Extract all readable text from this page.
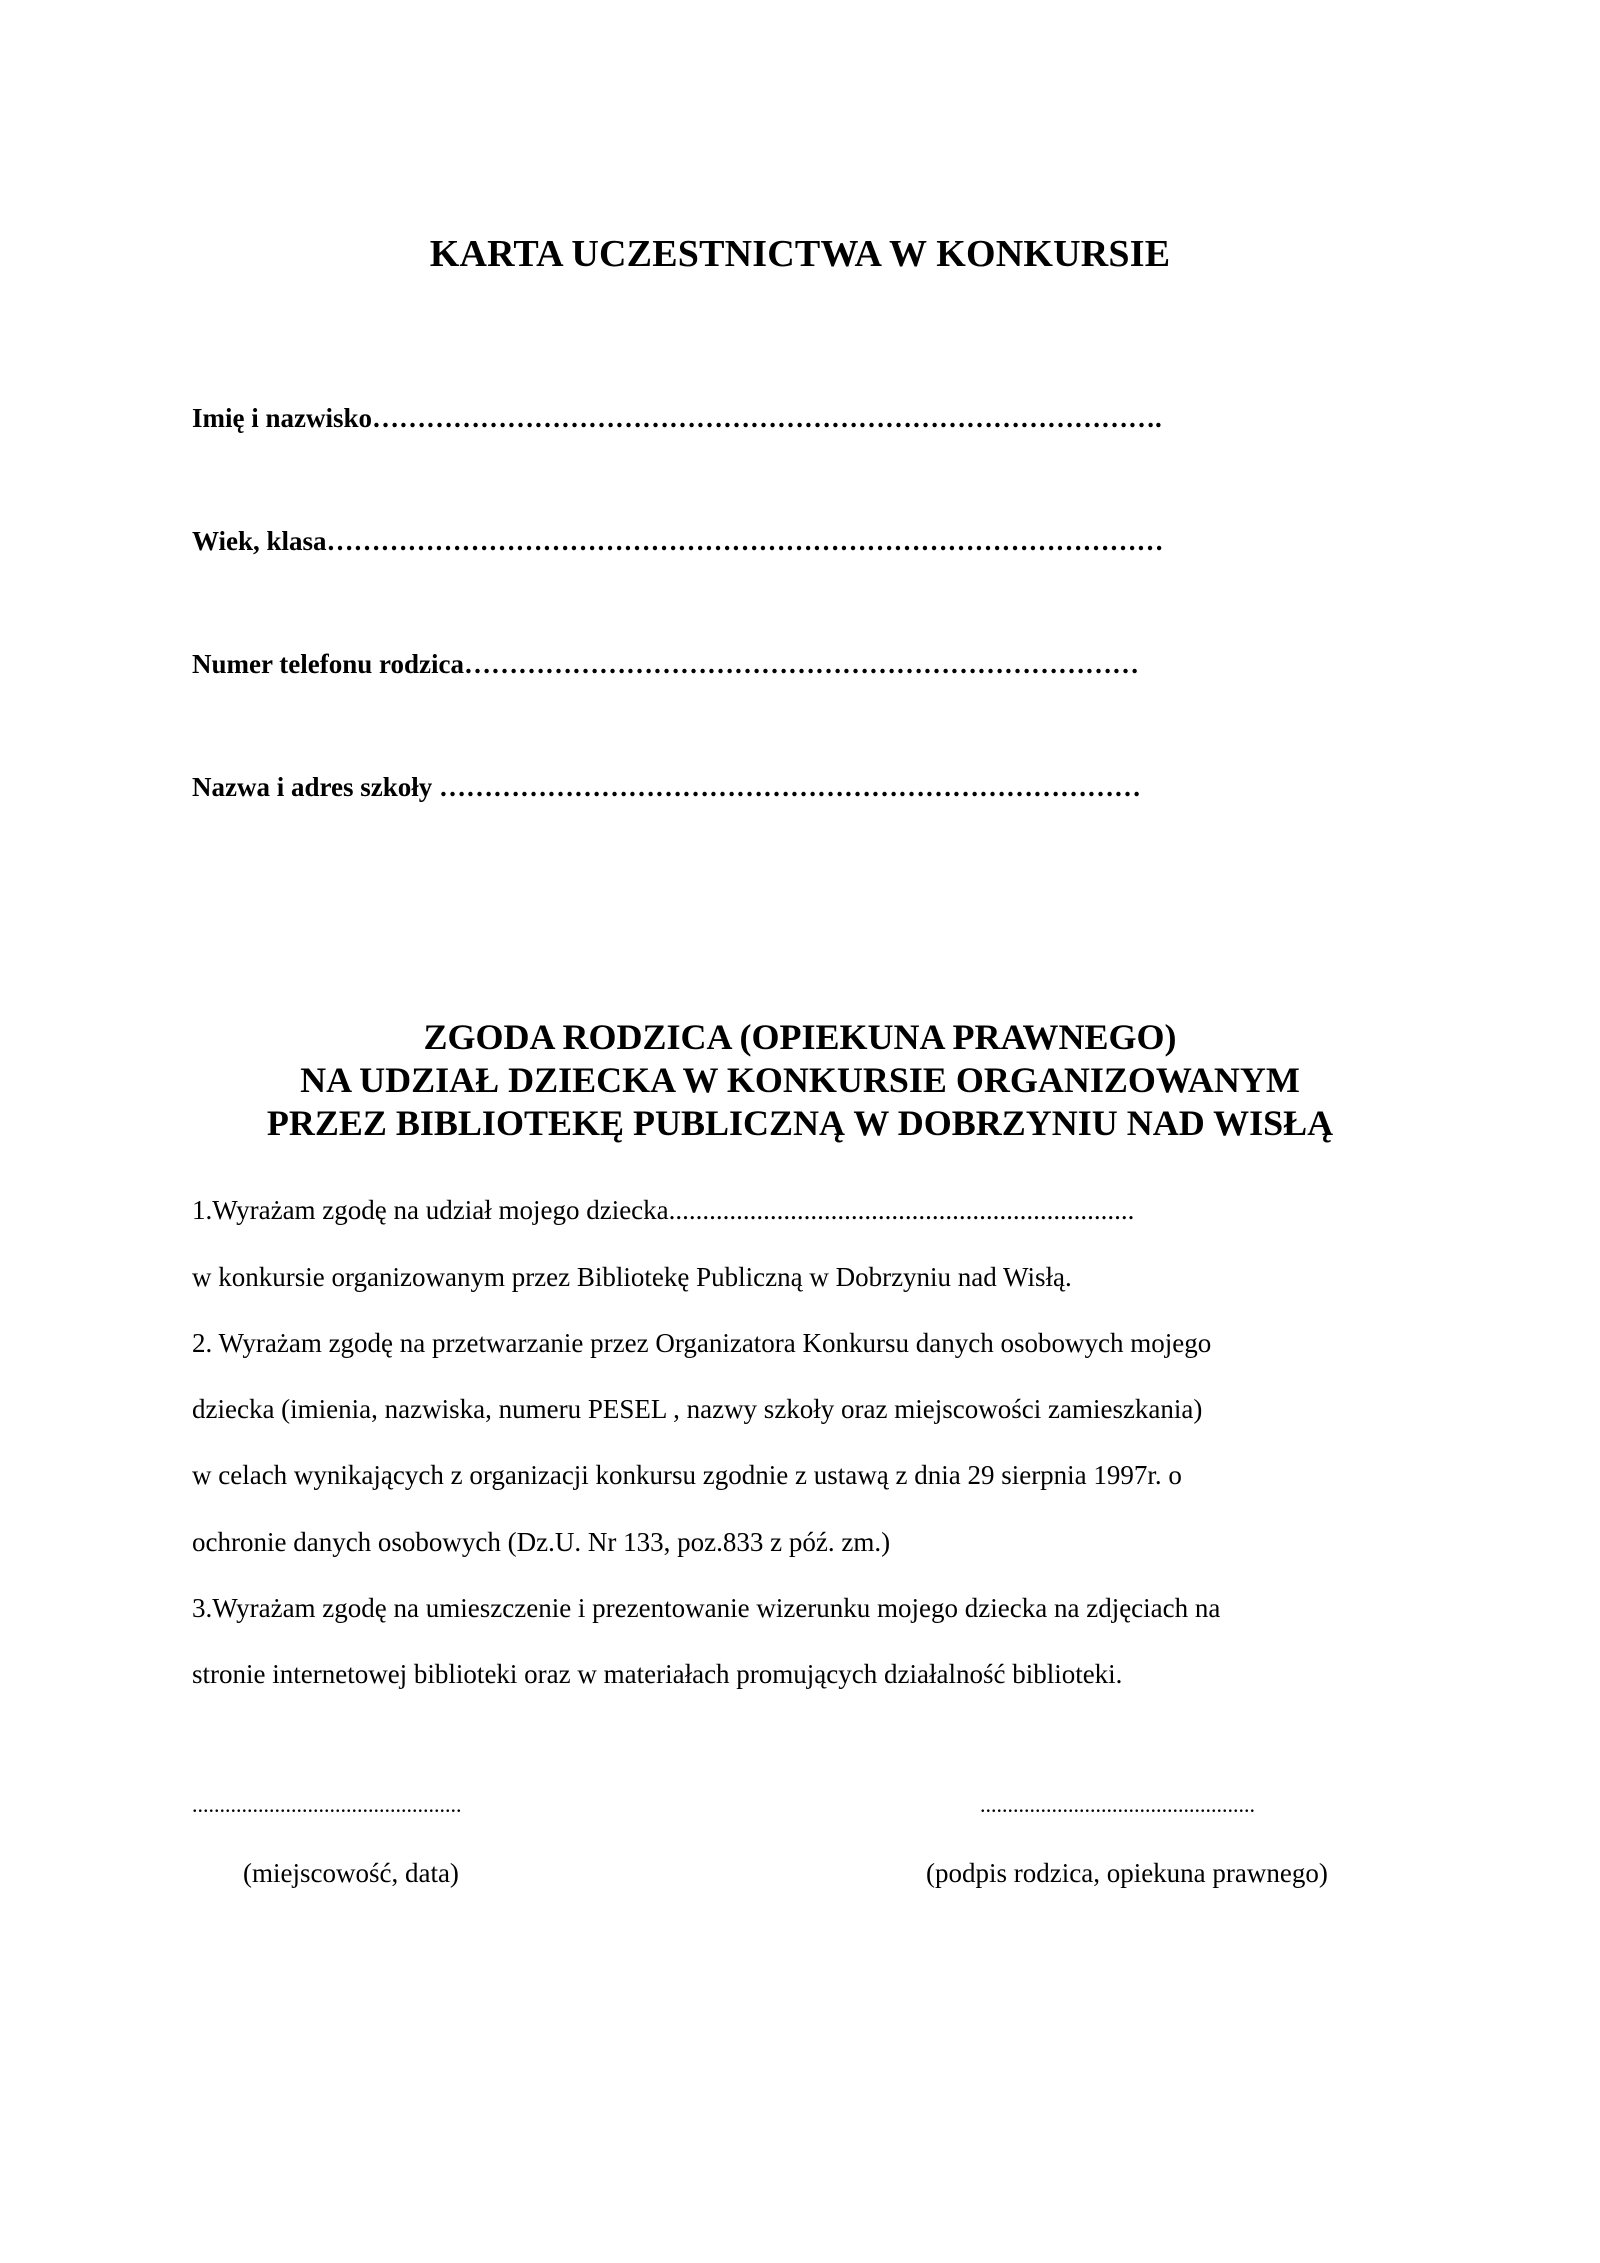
KARTA UCZESTNICTWA W KONKURSIE
Imię i nazwisko…………………………………………………………………………….
Wiek, klasa…………………………………………………………………………………
Numer telefonu rodzica…………………………………………………………………
Nazwa i adres szkoły ……………………………………………………………………
ZGODA RODZICA (OPIEKUNA PRAWNEGO)
NA UDZIAŁ DZIECKA W KONKURSIE ORGANIZOWANYM
PRZEZ BIBLIOTEKĘ PUBLICZNĄ W DOBRZYNIU NAD WISŁĄ
1.Wyrażam zgodę na udział mojego dziecka.....................................................................
w konkursie organizowanym przez Bibliotekę Publiczną w Dobrzyniu nad Wisłą.
2. Wyrażam zgodę na przetwarzanie przez Organizatora Konkursu danych osobowych mojego
dziecka (imienia, nazwiska, numeru PESEL , nazwy szkoły oraz miejscowości zamieszkania)
w celach wynikających z organizacji konkursu zgodnie z ustawą z dnia 29 sierpnia 1997r. o
ochronie danych osobowych (Dz.U. Nr 133, poz.833 z póź. zm.)
3.Wyrażam zgodę na umieszczenie i prezentowanie wizerunku mojego dziecka na zdjęciach na
stronie internetowej biblioteki oraz w materiałach promujących działalność biblioteki.
.................................................	..................................................
(miejscowość, data)	(podpis rodzica, opiekuna prawnego)
